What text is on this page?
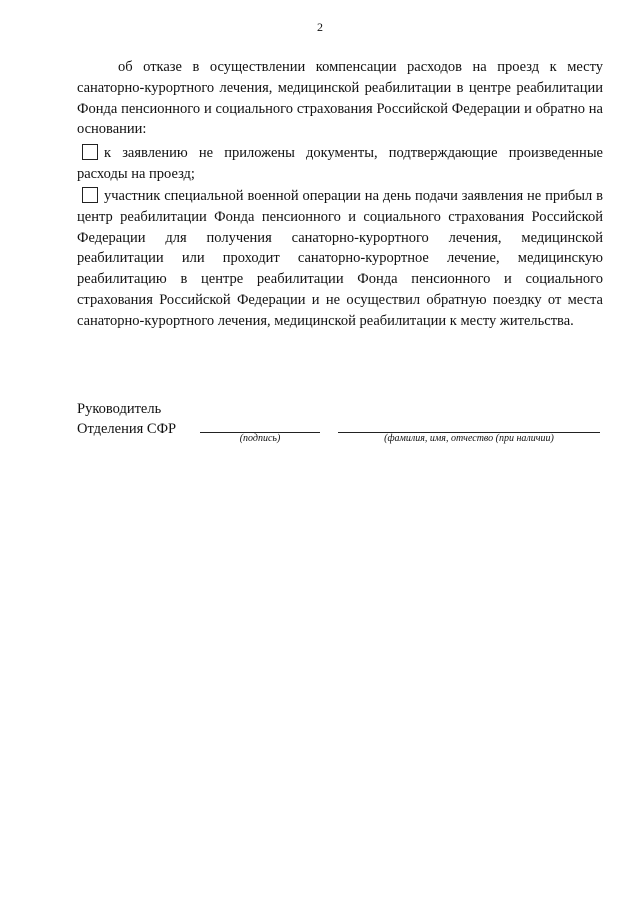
2

об отказе в осуществлении компенсации расходов на проезд к месту санаторно-курортного лечения, медицинской реабилитации в центре реабилитации Фонда пенсионного и социального страхования Российской Федерации и обратно на основании:

к заявлению не приложены документы, подтверждающие произведенные расходы на проезд;

участник специальной военной операции на день подачи заявления не прибыл в центр реабилитации Фонда пенсионного и социального страхования Российской Федерации для получения санаторно-курортного лечения, медицинской реабилитации или проходит санаторно-курортное лечение, медицинскую реабилитацию в центре реабилитации Фонда пенсионного и социального страхования Российской Федерации и не осуществил обратную поездку от места санаторно-курортного лечения, медицинской реабилитации к месту жительства.

Руководитель
Отделения СФР
(подпись)	(фамилия, имя, отчество (при наличии)
